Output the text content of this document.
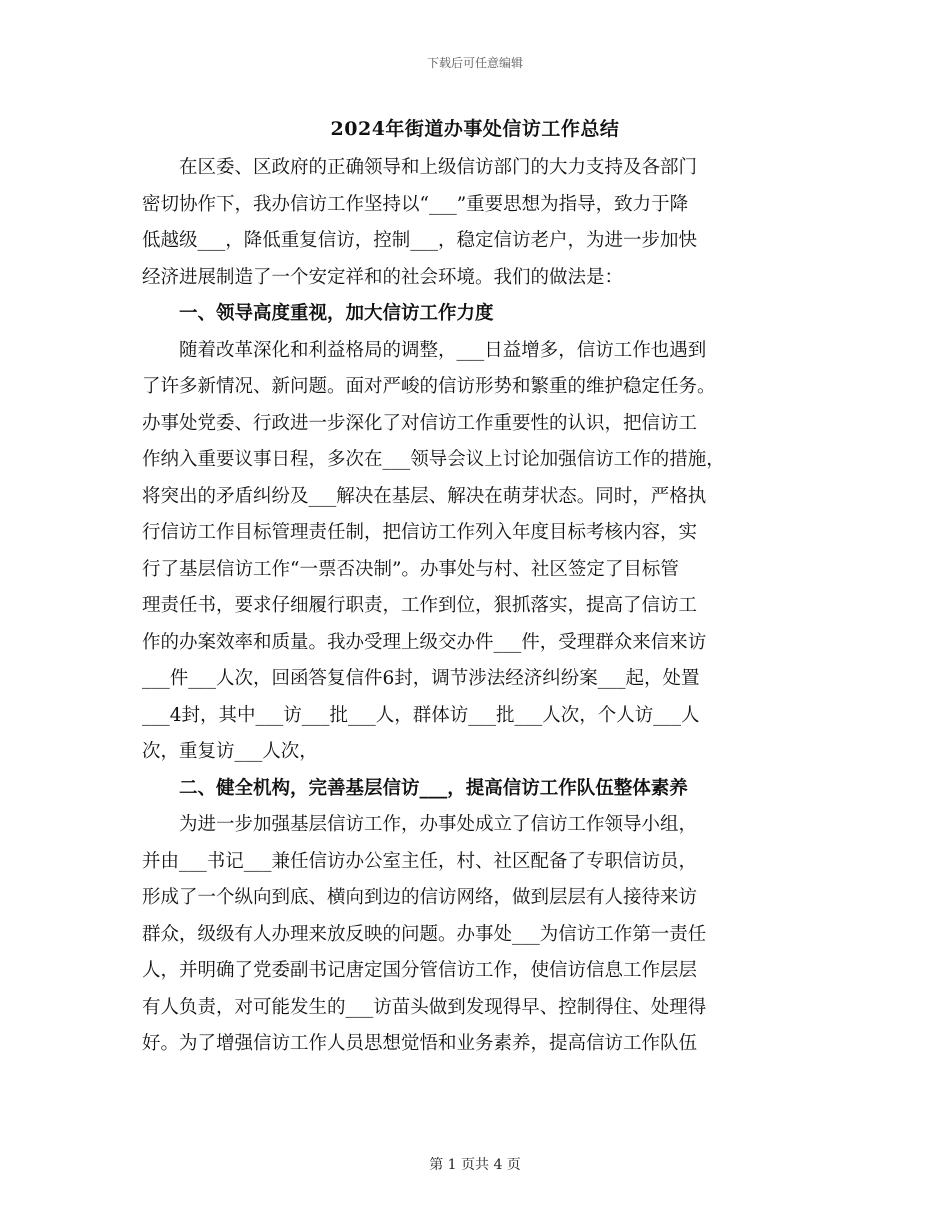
下载后可任意编辑
2024年街道办事处信访工作总结
　　在区委、区政府的正确领导和上级信访部门的大力支持及各部门
密切协作下，我办信访工作坚持以“___”重要思想为指导，致力于降
低越级___，降低重复信访，控制___，稳定信访老户，为进一步加快
经济进展制造了一个安定祥和的社会环境。我们的做法是：
　　一、领导高度重视，加大信访工作力度
　　随着改革深化和利益格局的调整，___日益增多，信访工作也遇到
了许多新情况、新问题。面对严峻的信访形势和繁重的维护稳定任务。
办事处党委、行政进一步深化了对信访工作重要性的认识，把信访工
作纳入重要议事日程，多次在___领导会议上讨论加强信访工作的措施，
将突出的矛盾纠纷及___解决在基层、解决在萌芽状态。同时，严格执
行信访工作目标管理责任制，把信访工作列入年度目标考核内容，实
行了基层信访工作“一票否决制”。办事处与村、社区签定了目标管
理责任书，要求仔细履行职责，工作到位，狠抓落实，提高了信访工
作的办案效率和质量。我办受理上级交办件___件，受理群众来信来访
___件___人次，回函答复信件6封，调节涉法经济纠纷案___起，处置
___4封，其中___访___批___人，群体访___批___人次，个人访___人
次，重复访___人次，
　　二、健全机构，完善基层信访___，提高信访工作队伍整体素养
　　为进一步加强基层信访工作，办事处成立了信访工作领导小组，
并由___书记___兼任信访办公室主任，村、社区配备了专职信访员，
形成了一个纵向到底、横向到边的信访网络，做到层层有人接待来访
群众，级级有人办理来放反映的问题。办事处___为信访工作第一责任
人，并明确了党委副书记唐定国分管信访工作，使信访信息工作层层
有人负责，对可能发生的___访苗头做到发现得早、控制得住、处理得
好。为了增强信访工作人员思想觉悟和业务素养，提高信访工作队伍
第 1 页共 4 页
